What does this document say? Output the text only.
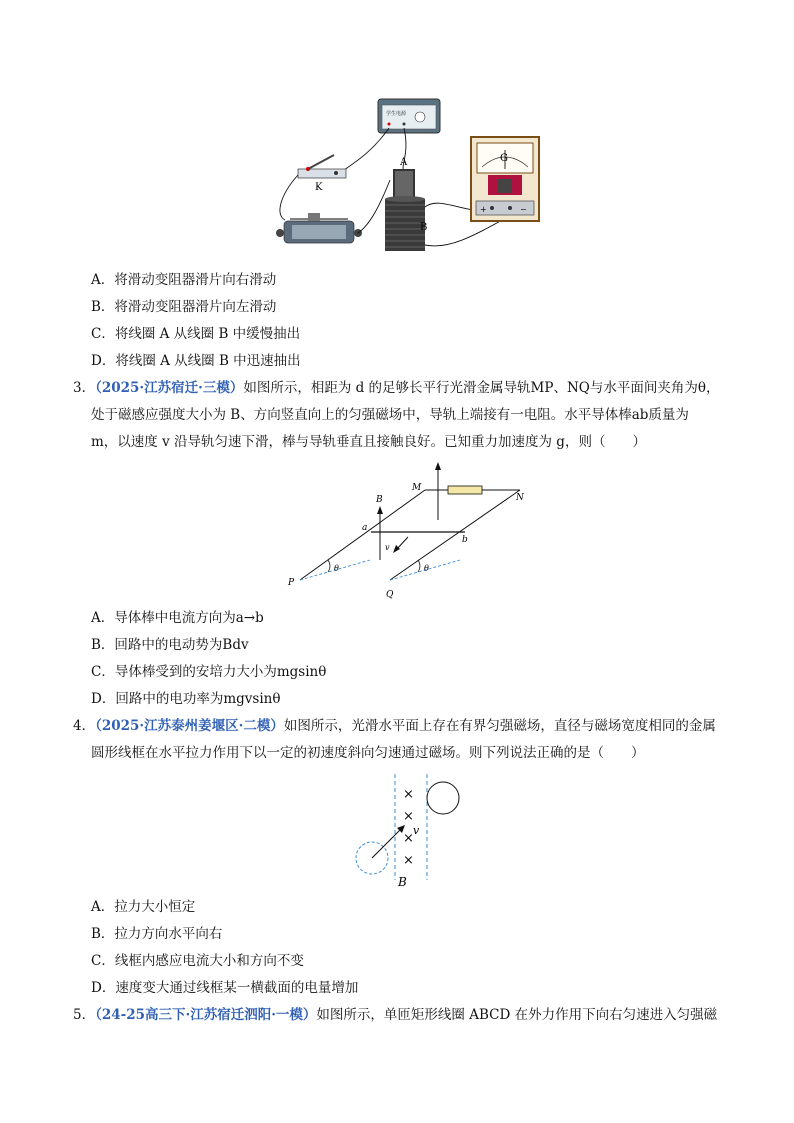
学生电源
K
A
B
G
+	−
A．将滑动变阻器滑片向右滑动
B．将滑动变阻器滑片向左滑动
C．将线圈 A 从线圈 B 中缓慢抽出
D．将线圈 A 从线圈 B 中迅速抽出
3．（2025·江苏宿迁·三模）如图所示，相距为 d 的足够长平行光滑金属导轨MP、NQ与水平面间夹角为θ，
处于磁感应强度大小为 B、方向竖直向上的匀强磁场中，导轨上端接有一电阻。水平导体棒ab质量为
m，以速度 v 沿导轨匀速下滑，棒与导轨垂直且接触良好。已知重力加速度为 g，则（　　）
B
v
θ	θ
M
N
P
Q
a
b
A．导体棒中电流方向为a→b
B．回路中的电动势为Bdv
C．导体棒受到的安培力大小为mgsinθ
D．回路中的电功率为mgvsinθ
4．（2025·江苏泰州姜堰区·二模）如图所示，光滑水平面上存在有界匀强磁场，直径与磁场宽度相同的金属
圆形线框在水平拉力作用下以一定的初速度斜向匀速通过磁场。则下列说法正确的是（　　）
×
×
×
×
v
B
A．拉力大小恒定
B．拉力方向水平向右
C．线框内感应电流大小和方向不变
D．速度变大通过线框某一横截面的电量增加
5．（24-25高三下·江苏宿迁泗阳·一模）如图所示，单匝矩形线圈 ABCD 在外力作用下向右匀速进入匀强磁
